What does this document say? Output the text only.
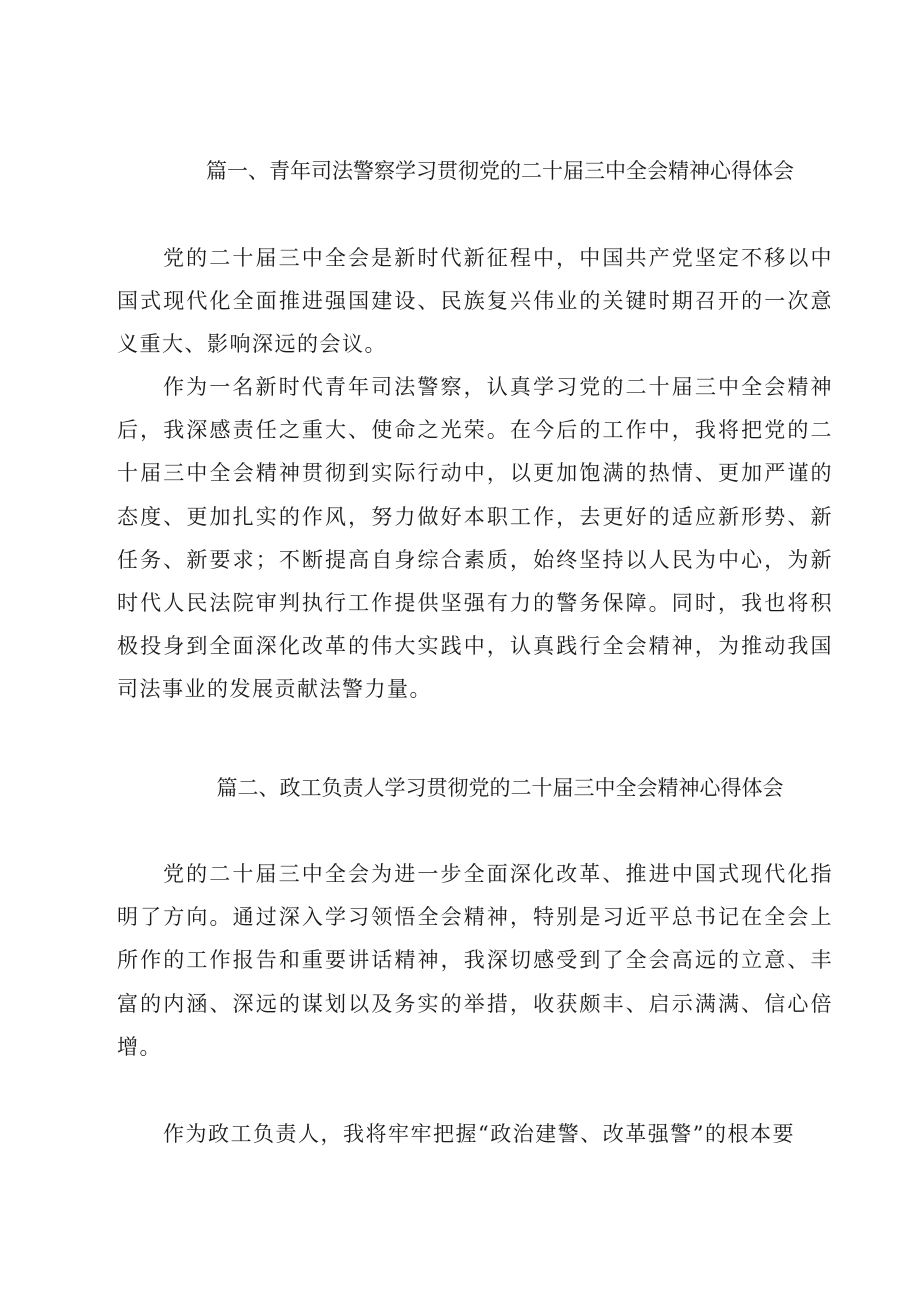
篇一、青年司法警察学习贯彻党的二十届三中全会精神心得体会

党的二十届三中全会是新时代新征程中，中国共产党坚定不移以中国式现代化全面推进强国建设、民族复兴伟业的关键时期召开的一次意义重大、影响深远的会议。

作为一名新时代青年司法警察，认真学习党的二十届三中全会精神后，我深感责任之重大、使命之光荣。在今后的工作中，我将把党的二十届三中全会精神贯彻到实际行动中，以更加饱满的热情、更加严谨的态度、更加扎实的作风，努力做好本职工作，去更好的适应新形势、新任务、新要求；不断提高自身综合素质，始终坚持以人民为中心，为新时代人民法院审判执行工作提供坚强有力的警务保障。同时，我也将积极投身到全面深化改革的伟大实践中，认真践行全会精神，为推动我国司法事业的发展贡献法警力量。

篇二、政工负责人学习贯彻党的二十届三中全会精神心得体会

党的二十届三中全会为进一步全面深化改革、推进中国式现代化指明了方向。通过深入学习领悟全会精神，特别是习近平总书记在全会上所作的工作报告和重要讲话精神，我深切感受到了全会高远的立意、丰富的内涵、深远的谋划以及务实的举措，收获颇丰、启示满满、信心倍增。

作为政工负责人，我将牢牢把握“政治建警、改革强警”的根本要
